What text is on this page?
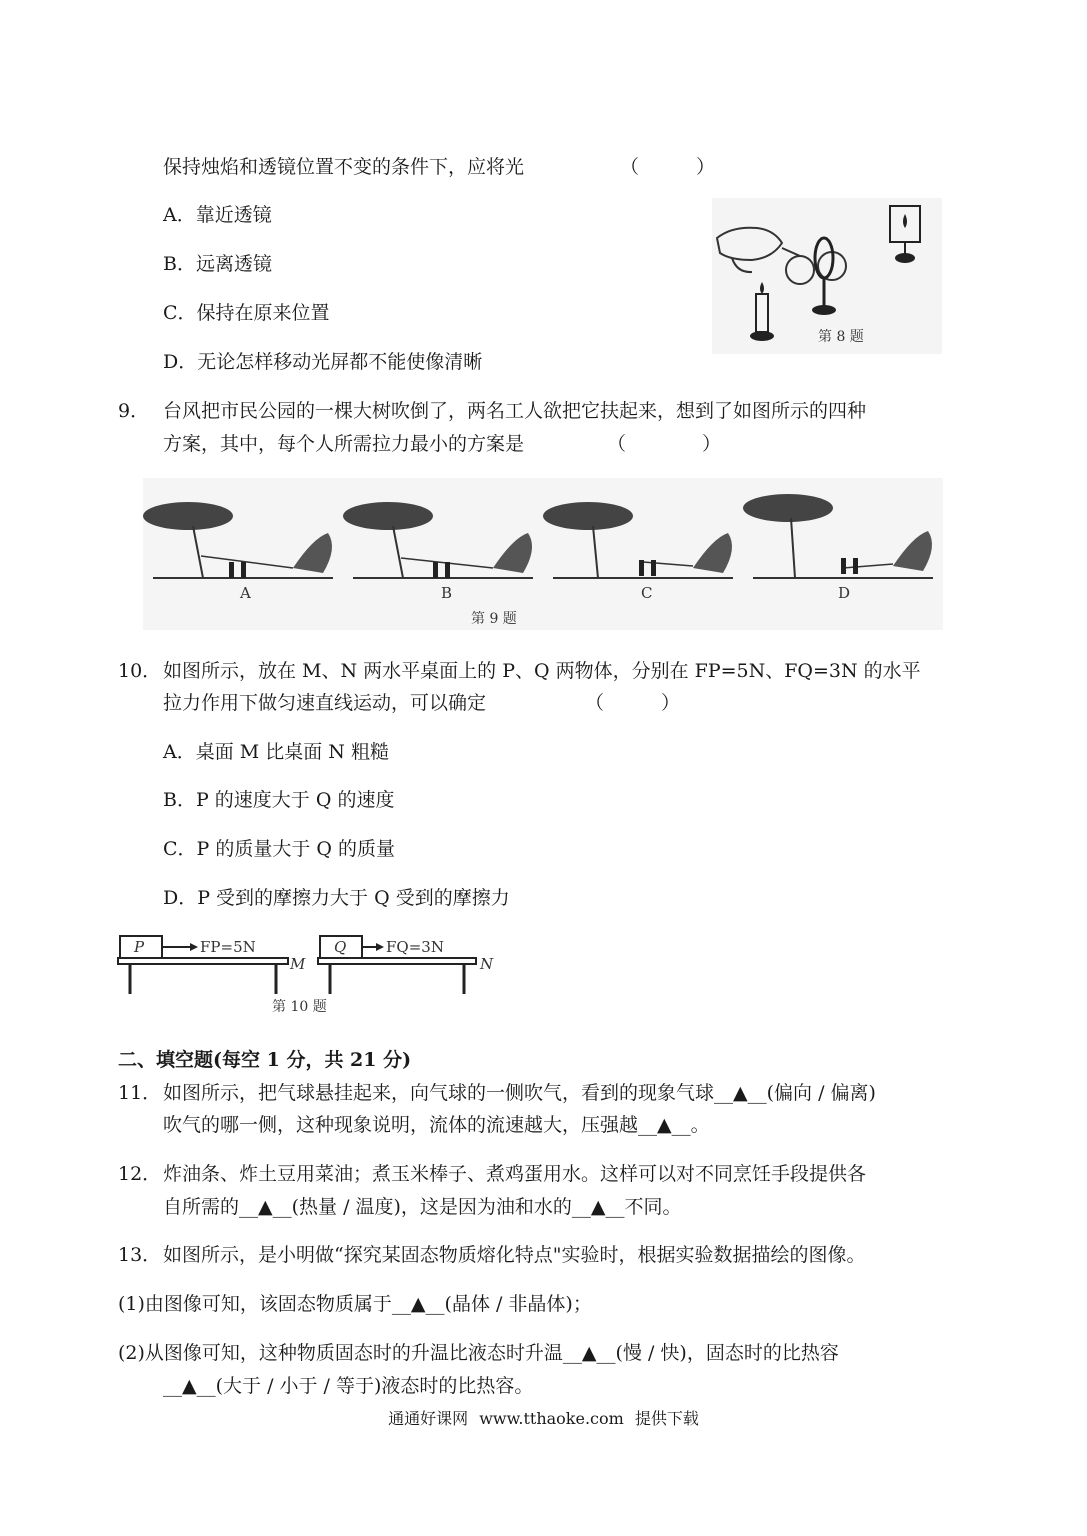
保持烛焰和透镜位置不变的条件下，应将光	（　　　）
A．靠近透镜
B．远离透镜
C．保持在原来位置
D．无论怎样移动光屏都不能使像清晰
第 8 题
9． 台风把市民公园的一棵大树吹倒了，两名工人欲把它扶起来，想到了如图所示的四种
方案，其中，每个人所需拉力最小的方案是	（　　　　）
A	B	C	D
第 9 题
10． 如图所示，放在 M、N 两水平桌面上的 P、Q 两物体，分别在 FP=5N、FQ=3N 的水平
拉力作用下做匀速直线运动，可以确定	（　　　）
A．桌面 M 比桌面 N 粗糙
B．P 的速度大于 Q 的速度
C．P 的质量大于 Q 的质量
D．P 受到的摩擦力大于 Q 受到的摩擦力
P	FP=5N
M
Q	FQ=3N
N
第 10 题
二、填空题(每空 1 分，共 21 分)
11． 如图所示，把气球悬挂起来，向气球的一侧吹气，看到的现象气球__▲__(偏向 / 偏离)
吹气的哪一侧，这种现象说明，流体的流速越大，压强越__▲__。
12． 炸油条、炸土豆用菜油；煮玉米棒子、煮鸡蛋用水。这样可以对不同烹饪手段提供各
自所需的__▲__(热量 / 温度)，这是因为油和水的__▲__不同。
13． 如图所示，是小明做“探究某固态物质熔化特点"实验时，根据实验数据描绘的图像。
(1)由图像可知，该固态物质属于__▲__(晶体 / 非晶体)；
(2)从图像可知，这种物质固态时的升温比液态时升温__▲__(慢 / 快)，固态时的比热容
__▲__(大于 / 小于 / 等于)液态时的比热容。
通通好课网 www.tthaoke.com 提供下载
